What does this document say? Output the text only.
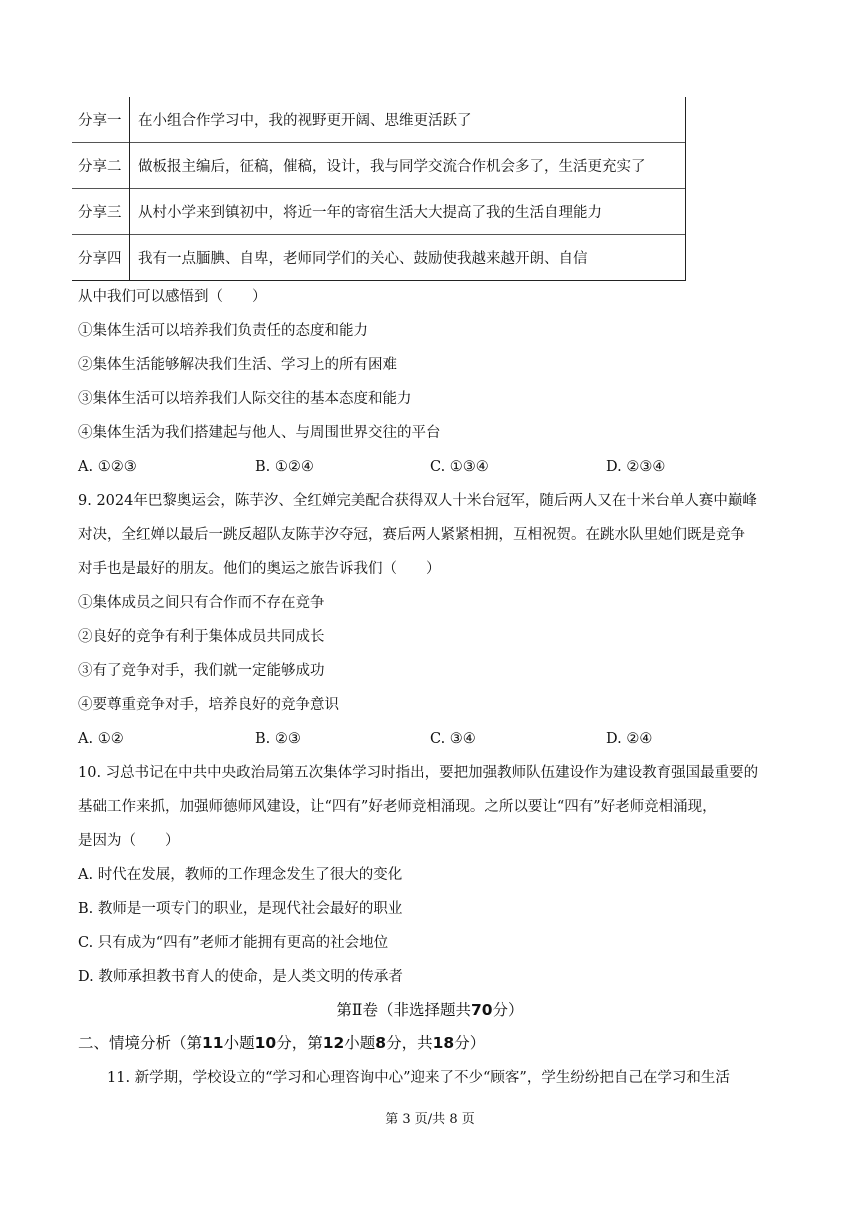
分享一	在小组合作学习中，我的视野更开阔、思维更活跃了
分享二	做板报主编后，征稿，催稿，设计，我与同学交流合作机会多了，生活更充实了
分享三	从村小学来到镇初中，将近一年的寄宿生活大大提高了我的生活自理能力
分享四	我有一点腼腆、自卑，老师同学们的关心、鼓励使我越来越开朗、自信
从中我们可以感悟到（　　）
①集体生活可以培养我们负责任的态度和能力
②集体生活能够解决我们生活、学习上的所有困难
③集体生活可以培养我们人际交往的基本态度和能力
④集体生活为我们搭建起与他人、与周围世界交往的平台
A. ①②③	B. ①②④	C. ①③④	D. ②③④
9. 2024年巴黎奥运会，陈芋汐、全红婵完美配合获得双人十米台冠军，随后两人又在十米台单人赛中巅峰
对决，全红婵以最后一跳反超队友陈芋汐夺冠，赛后两人紧紧相拥，互相祝贺。在跳水队里她们既是竞争
对手也是最好的朋友。他们的奥运之旅告诉我们（　　）
①集体成员之间只有合作而不存在竞争
②良好的竞争有利于集体成员共同成长
③有了竞争对手，我们就一定能够成功
④要尊重竞争对手，培养良好的竞争意识
A. ①②	B. ②③	C. ③④	D. ②④
10. 习总书记在中共中央政治局第五次集体学习时指出，要把加强教师队伍建设作为建设教育强国最重要的
基础工作来抓，加强师德师风建设，让“四有”好老师竞相涌现。之所以要让“四有”好老师竞相涌现，
是因为（　　）
A. 时代在发展，教师的工作理念发生了很大的变化
B. 教师是一项专门的职业，是现代社会最好的职业
C. 只有成为“四有”老师才能拥有更高的社会地位
D. 教师承担教书育人的使命，是人类文明的传承者
第Ⅱ卷（非选择题共70分）
二、情境分析（第11小题10分，第12小题8分，共18分）
11. 新学期，学校设立的“学习和心理咨询中心”迎来了不少“顾客”，学生纷纷把自己在学习和生活
第 3 页/共 8 页
